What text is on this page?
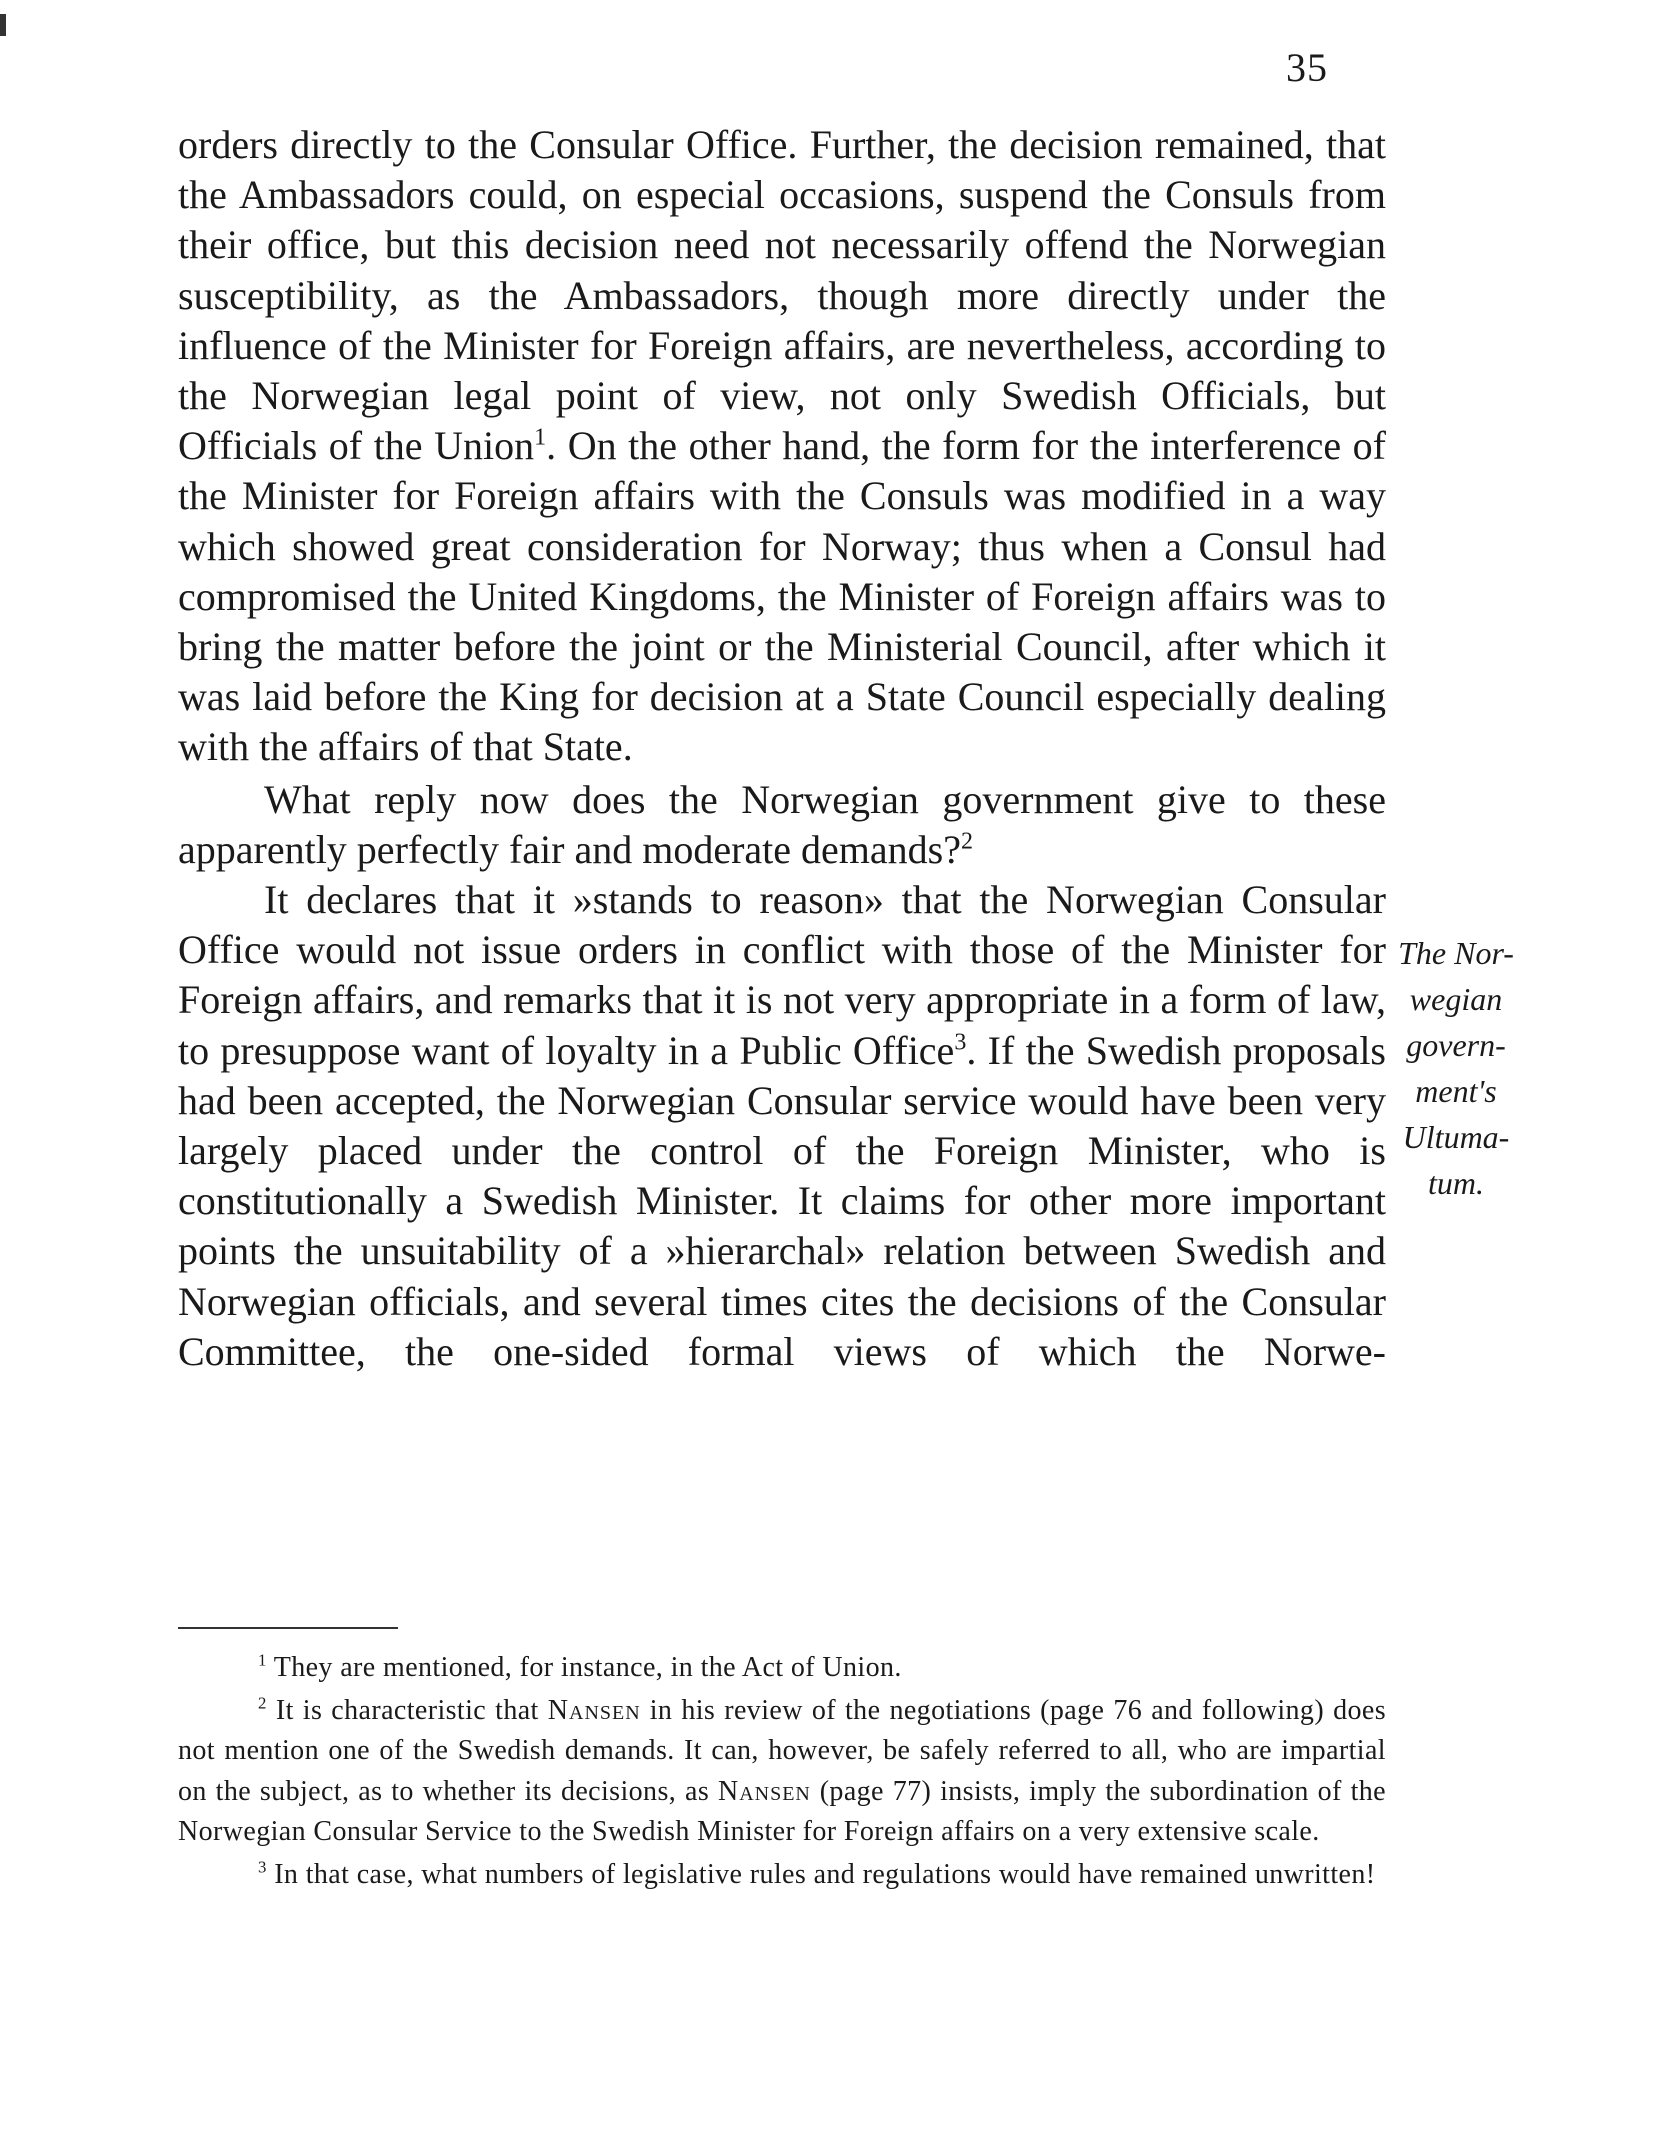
35

orders directly to the Consular Office. Further, the decision remained, that the Ambassadors could, on especial occasions, suspend the Consuls from their office, but this decision need not necessarily offend the Norwegian susceptibility, as the Ambassadors, though more directly under the influence of the Minister for Foreign affairs, are nevertheless, according to the Norwegian legal point of view, not only Swedish Officials, but Officials of the Union$^1$. On the other hand, the form for the interference of the Minister for Foreign affairs with the Consuls was modified in a way which showed great consideration for Norway; thus when a Consul had compromised the United Kingdoms, the Minister of Foreign affairs was to bring the matter before the joint or the Ministerial Council, after which it was laid before the King for decision at a State Council especially dealing with the affairs of that State.

What reply now does the Norwegian government give to these apparently perfectly fair and moderate demands?$^2$

It declares that it »stands to reason» that the Norwegian Consular Office would not issue orders in conflict with those of the Minister for Foreign affairs, and remarks that it is not very appropriate in a form of law, to presuppose want of loyalty in a Public Office$^3$. If the Swedish proposals had been accepted, the Norwegian Consular service would have been very largely placed under the control of the Foreign Minister, who is constitutionally a Swedish Minister. It claims for other more important points the unsuitability of a »hierarchal» relation between Swedish and Norwegian officials, and several times cites the decisions of the Consular Committee, the one-sided formal views of which the Norwe-

The Nor-
wegian
govern-
ment's
Ultuma-
tum.

$^1$ They are mentioned, for instance, in the Act of Union.

$^2$ It is characteristic that Nansen in his review of the negotiations (page 76 and following) does not mention one of the Swedish demands. It can, however, be safely referred to all, who are impartial on the subject, as to whether its decisions, as Nansen (page 77) insists, imply the subordination of the Norwegian Consular Service to the Swedish Minister for Foreign affairs on a very extensive scale.

$^3$ In that case, what numbers of legislative rules and regulations would have remained unwritten!
